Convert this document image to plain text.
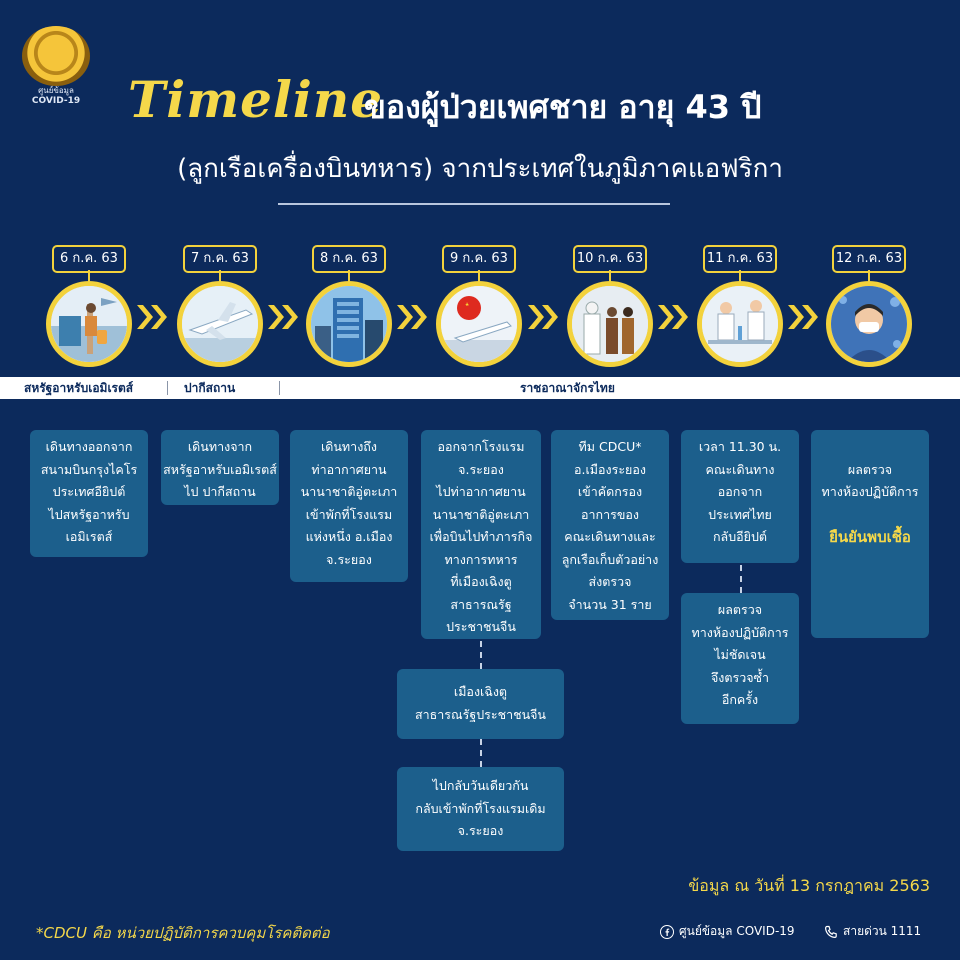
ศูนย์ข้อมูล
COVID-19 Timeline
ของผู้ป่วยเพศชาย อายุ 43 ปี
(ลูกเรือเครื่องบินทหาร) จากประเทศในภูมิภาคแอฟริกา
6 ก.ค. 63	7 ก.ค. 63	8 ก.ค. 63	9 ก.ค. 63	10 ก.ค. 63	11 ก.ค. 63	12 ก.ค. 63
สหรัฐอาหรับเอมิเรตส์	ปากีสถาน	ราชอาณาจักรไทย
เดินทางออกจาก
สนามบินกรุงไคโร
ประเทศอียิปต์
ไปสหรัฐอาหรับ
เอมิเรตส์
เดินทางจาก
สหรัฐอาหรับเอมิเรตส์
ไป ปากีสถาน
เดินทางถึง
ท่าอากาศยาน
นานาชาติอู่ตะเภา
เข้าพักที่โรงแรม
แห่งหนึ่ง อ.เมือง
จ.ระยอง
ออกจากโรงแรม
จ.ระยอง
ไปท่าอากาศยาน
นานาชาติอู่ตะเภา
เพื่อบินไปทำภารกิจ
ทางการทหาร
ที่เมืองเฉิงตู
สาธารณรัฐ
ประชาชนจีน
ทีม CDCU*
อ.เมืองระยอง
เข้าคัดกรอง
อาการของ
คณะเดินทางและ
ลูกเรือเก็บตัวอย่าง
ส่งตรวจ
จำนวน 31 ราย
เวลา 11.30 น.
คณะเดินทาง
ออกจาก
ประเทศไทย
กลับอียิปต์

ผลตรวจ
ทางห้องปฏิบัติการ

ยืนยันพบเชื้อ

เมืองเฉิงตู
สาธารณรัฐประชาชนจีน
ไปกลับวันเดียวกัน
กลับเข้าพักที่โรงแรมเดิม
จ.ระยอง
ผลตรวจ
ทางห้องปฏิบัติการ
ไม่ชัดเจน
จึงตรวจซ้ำ
อีกครั้ง
ข้อมูล ณ วันที่ 13 กรกฎาคม 2563
*CDCU คือ หน่วยปฏิบัติการควบคุมโรคติดต่อ	ศูนย์ข้อมูล COVID-19	สายด่วน 1111
